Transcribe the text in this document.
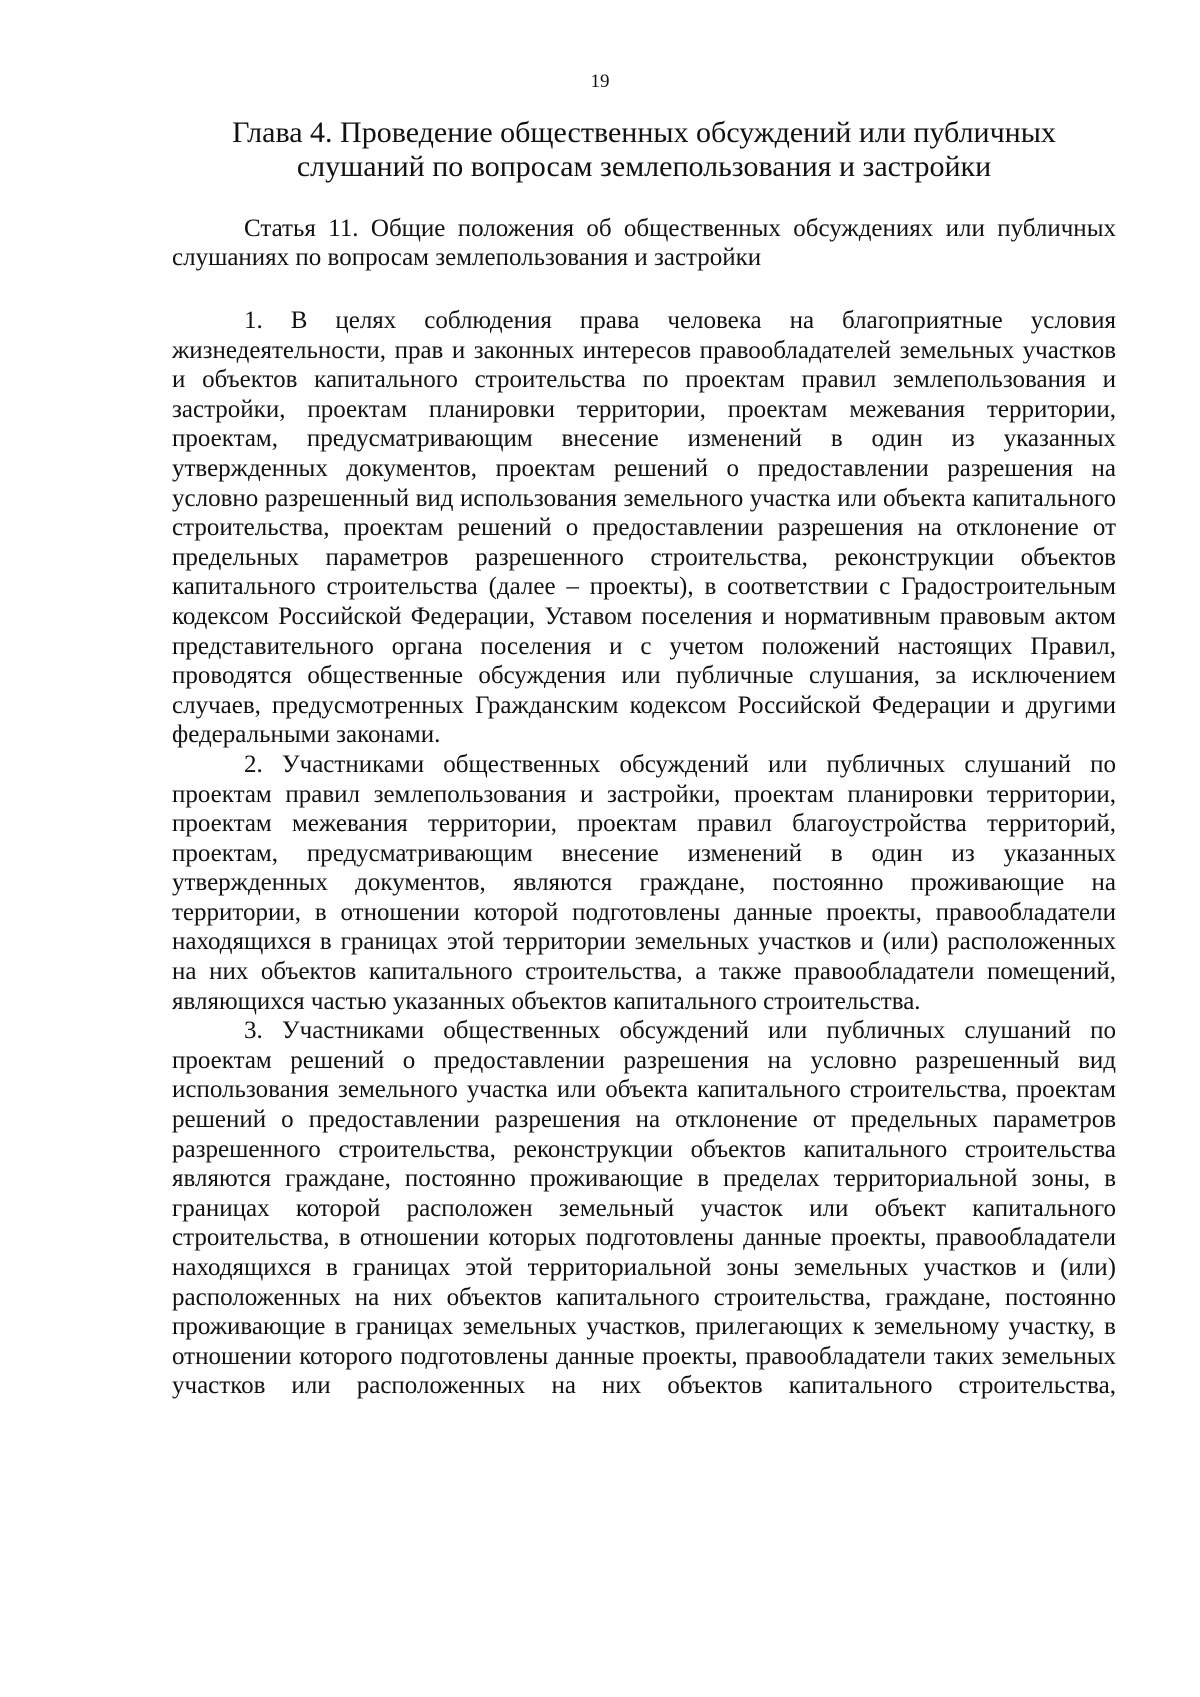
19
Глава 4. Проведение общественных обсуждений или публичных слушаний по вопросам землепользования и застройки
Статья 11. Общие положения об общественных обсуждениях или публичных слушаниях по вопросам землепользования и застройки

1. В целях соблюдения права человека на благоприятные условия жизнедеятельности, прав и законных интересов правообладателей земельных участков и объектов капитального строительства по проектам правил землепользования и застройки, проектам планировки территории, проектам межевания территории, проектам, предусматривающим внесение изменений в один из указанных утвержденных документов, проектам решений о предоставлении разрешения на условно разрешенный вид использования земельного участка или объекта капитального строительства, проектам решений о предоставлении разрешения на отклонение от предельных параметров разрешенного строительства, реконструкции объектов капитального строительства (далее – проекты), в соответствии с Градостроительным кодексом Российской Федерации, Уставом поселения и нормативным правовым актом представительного органа поселения и с учетом положений настоящих Правил, проводятся общественные обсуждения или публичные слушания, за исключением случаев, предусмотренных Гражданским кодексом Российской Федерации и другими федеральными законами.

2. Участниками общественных обсуждений или публичных слушаний по проектам правил землепользования и застройки, проектам планировки территории, проектам межевания территории, проектам правил благоустройства территорий, проектам, предусматривающим внесение изменений в один из указанных утвержденных документов, являются граждане, постоянно проживающие на территории, в отношении которой подготовлены данные проекты, правообладатели находящихся в границах этой территории земельных участков и (или) расположенных на них объектов капитального строительства, а также правообладатели помещений, являющихся частью указанных объектов капитального строительства.

3. Участниками общественных обсуждений или публичных слушаний по проектам решений о предоставлении разрешения на условно разрешенный вид использования земельного участка или объекта капитального строительства, проектам решений о предоставлении разрешения на отклонение от предельных параметров разрешенного строительства, реконструкции объектов капитального строительства являются граждане, постоянно проживающие в пределах территориальной зоны, в границах которой расположен земельный участок или объект капитального строительства, в отношении которых подготовлены данные проекты, правообладатели находящихся в границах этой территориальной зоны земельных участков и (или) расположенных на них объектов капитального строительства, граждане, постоянно проживающие в границах земельных участков, прилегающих к земельному участку, в отношении которого подготовлены данные проекты, правообладатели таких земельных участков или расположенных на них объектов капитального строительства,
